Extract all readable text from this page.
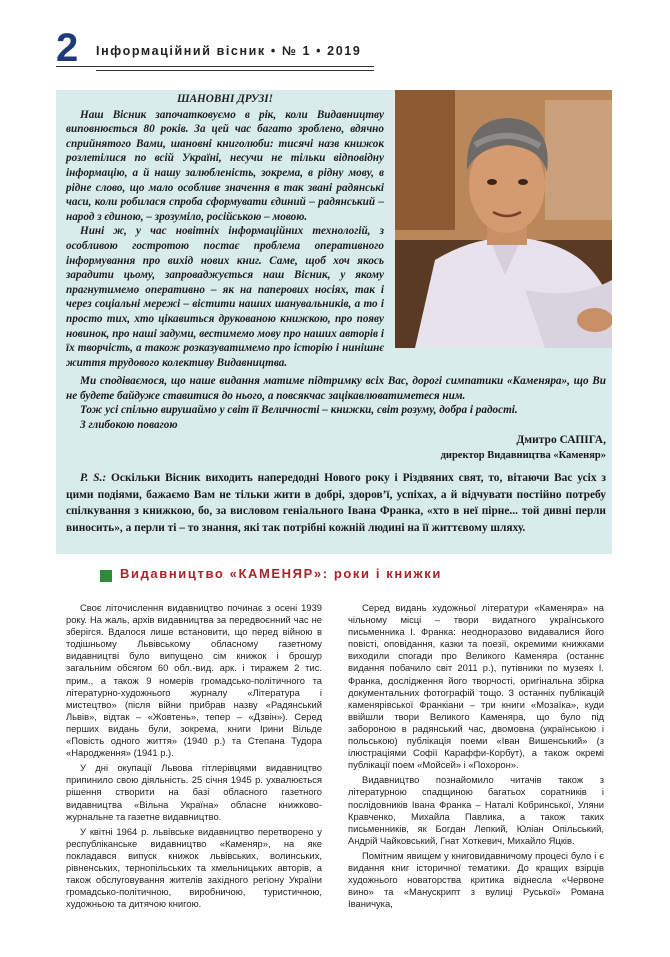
2 Інформаційний вісник • № 1 • 2019

ШАНОВНІ ДРУЗІ!

Наш Вісник започатковуємо в рік, коли Видавництву виповнюється 80 років. За цей час багато зроблено, вдячно сприйнятого Вами, шановні книголюби: тисячі назв книжок розлетілися по всій Україні, несучи не тільки відповідну інформацію, а й нашу залюбленість, зокрема, в рідну мову, в рідне слово, що мало особливе значення в так звані радянські часи, коли робилася спроба сформувати єдиний – радянський – народ з єдиною, – зрозуміло, російською – мовою.

Нині ж, у час новітніх інформаційних технологій, з особливою гостротою постає проблема оперативного інформування про вихід нових книг. Саме, щоб хоч якось зарадити цьому, запроваджується наш Вісник, у якому прагнутимемо оперативно – як на паперових носіях, так і через соціальні мережі – вістити наших шанувальників, а то і просто тих, хто цікавиться друкованою книжкою, про появу новинок, про наші задуми, вестимемо мову про наших авторів і їх творчість, а також розказуватимемо про історію і нинішнє життя трудового колективу Видавництва.

Ми сподіваємося, що наше видання матиме підтримку всіх Вас, дорогі симпатики «Каменяра», що Ви не будете байдуже ставитися до нього, а повсякчас зацікавлюватиметеся ним.

Тож усі спільно вирушаймо у світ її Величності – книжки, світ розуму, добра і радості.

З глибокою повагою

Дмитро САПІГА,
директор Видавництва «Каменяр»

P. S.: Оскільки Вісник виходить напередодні Нового року і Різдвяних свят, то, вітаючи Вас усіх з цими подіями, бажаємо Вам не тільки жити в добрі, здоров’ї, успіхах, а й відчувати постійно потребу спілкування з книжкою, бо, за висловом геніального Івана Франка, «хто в неї пірне... той дивні перли виносить», а перли ті – то знання, які так потрібні кожній людині на її життєвому шляху.

Видавництво «КАМЕНЯР»: роки і книжки

Своє літочислення видавництво починає з осені 1939 року. На жаль, архів видавництва за передвоєнний час не зберігся. Вдалося лише встановити, що перед війною в тодішньому Львівському обласному газетному видавництві було випущено сім книжок і брошур загальним обсягом 60 обл.-вид. арк. і тиражем 2 тис. прим., а також 9 номерів громадсько-політичного та літературно-художнього журналу «Література і мистецтво» (після війни прибрав назву «Радянський Львів», відтак – «Жовтень», тепер – «Дзвін»). Серед перших видань були, зокрема, книги Ірини Вільде «Повість одного життя» (1940 р.) та Степана Тудора «Народження» (1941 р.).

У дні окупації Львова гітлерівцями видавництво припинило свою діяльність. 25 січня 1945 р. ухвалюється рішення створити на базі обласного газетного видавництва «Вільна Україна» обласне книжково-журнальне та газетне видавництво.

У квітні 1964 р. львівське видавництво перетворено у республіканське видавництво «Каменяр», на яке покладався випуск книжок львівських, волинських, рівненських, тернопільських та хмельницьких авторів, а також обслуговування жителів західного регіону України громадсько-політичною, виробничою, туристичною, художньою та дитячою книгою.

Серед видань художньої літератури «Каменяра» на чільному місці – твори видатного українського письменника І. Франка: неодноразово видавалися його повісті, оповідання, казки та поезії, окремими книжками виходили спогади про Великого Каменяра (останнє видання побачило світ 2011 р.), путівники по музеях І. Франка, дослідження його творчості, оригінальна збірка документальних фотографій тощо. З останніх публікацій каменярівської Франкіани – три книги «Мозаїка», куди ввійшли твори Великого Каменяра, що було під забороною в радянський час, двомовна (українською і польською) публікація поеми «Іван Вишенський» (з ілюстраціями Софії Караффи-Корбут), а також окремі публікації поем «Мойсей» і «Похорон».

Видавництво познайомило читачів також з літературною спадщиною багатьох соратників і послідовників Івана Франка – Наталі Кобринської, Уляни Кравченко, Михайла Павлика, а також таких письменників, як Богдан Лепкий, Юліан Опільський, Андрій Чайковський, Гнат Хоткевич, Михайло Яцків.

Помітним явищем у книговидавничому процесі було і є видання книг історичної тематики. До кращих взірців художнього новаторства критика віднесла «Червоне вино» та «Манускрипт з вулиці Руської» Романа Іваничука,
